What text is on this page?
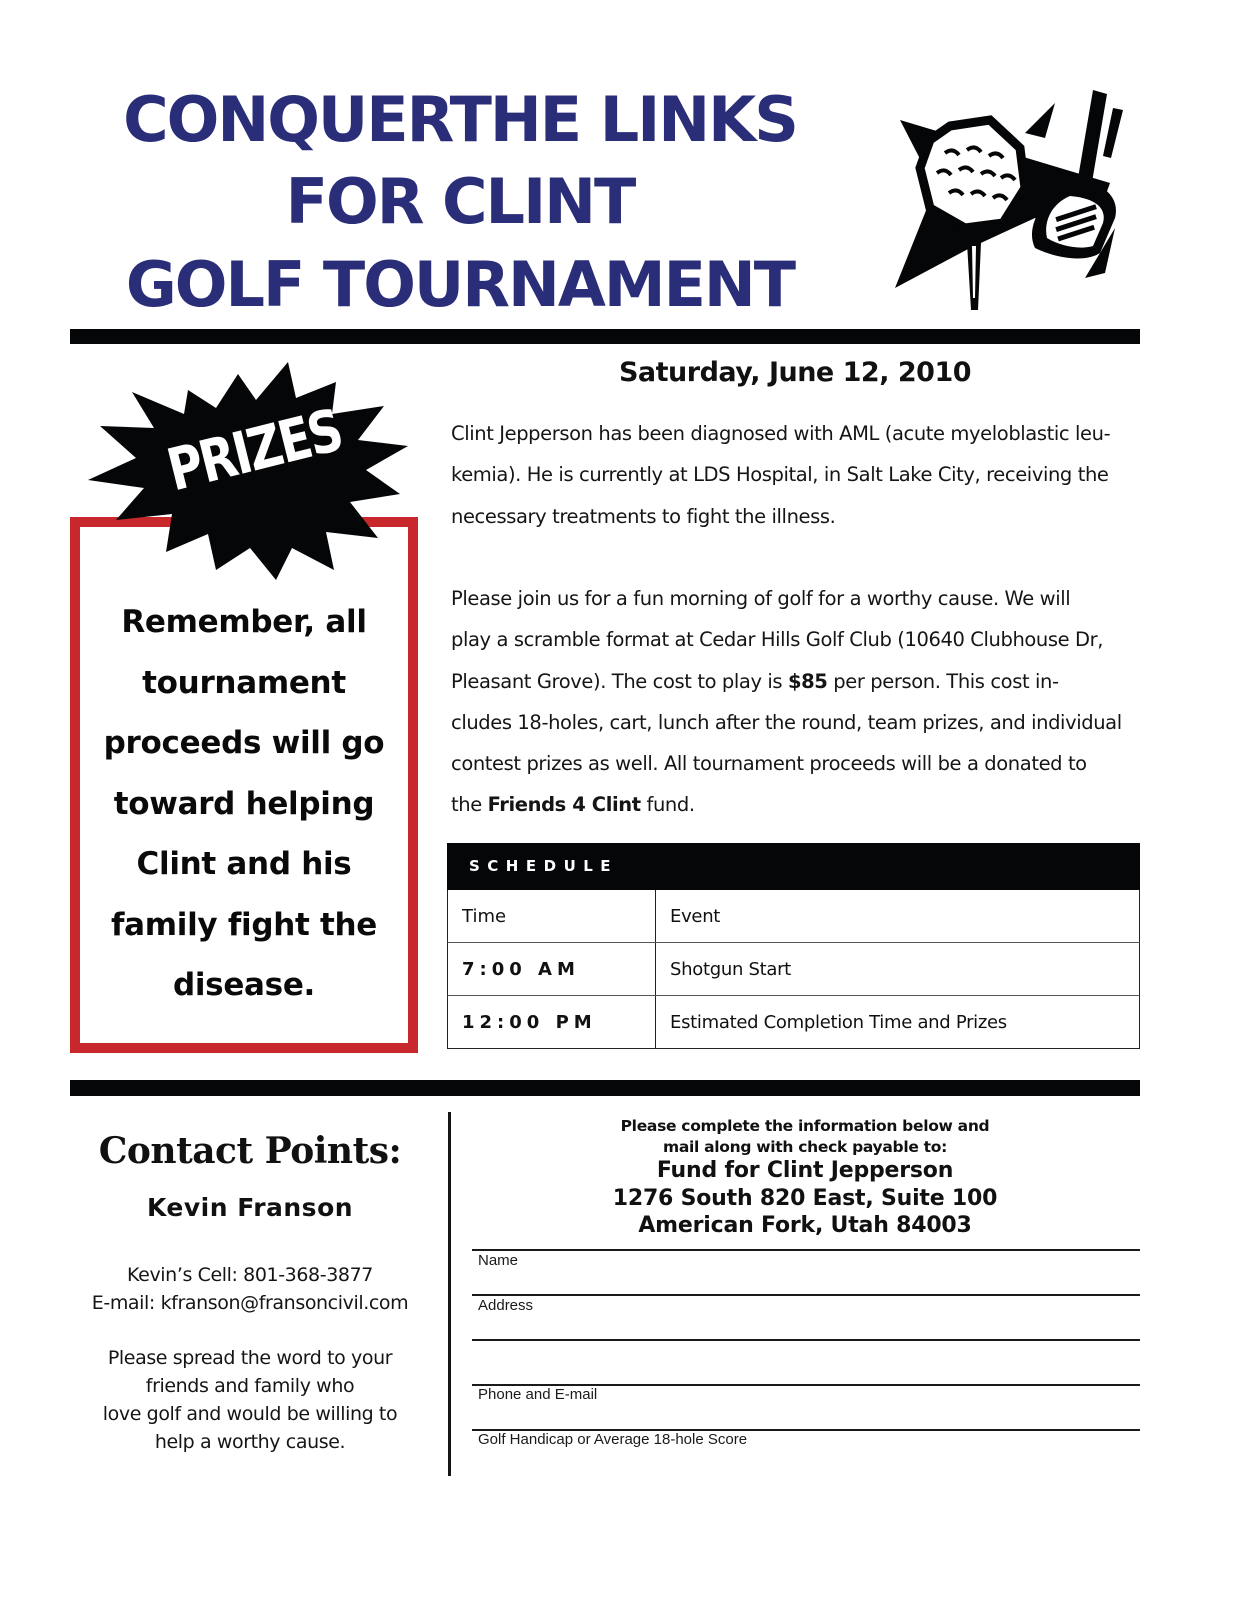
CONQUERTHE LINKS
FOR CLINT
GOLF TOURNAMENT
Remember, all
tournament
proceeds will go
toward helping
Clint and his
family fight the
disease.
PRIZES
Saturday, June 12, 2010
Clint Jepperson has been diagnosed with AML (acute myeloblastic leu-
kemia). He is currently at LDS Hospital, in Salt Lake City, receiving the
necessary treatments to fight the illness.
Please join us for a fun morning of golf for a worthy cause. We will
play a scramble format at Cedar Hills Golf Club (10640 Clubhouse Dr,
Pleasant Grove). The cost to play is $85 per person. This cost in-
cludes 18-holes, cart, lunch after the round, team prizes, and individual
contest prizes as well. All tournament proceeds will be a donated to
the Friends 4 Clint fund.
SCHEDULE
Time	Event
7:00 AM	Shotgun Start
12:00 PM	Estimated Completion Time and Prizes
Contact Points:
Kevin Franson
Kevin’s Cell: 801-368-3877
E-mail: kfranson@fransoncivil.com
Please spread the word to your
friends and family who
love golf and would be willing to
help a worthy cause.
Please complete the information below and
mail along with check payable to:
Fund for Clint Jepperson
1276 South 820 East, Suite 100
American Fork, Utah 84003
Name
Address
Phone and E-mail
Golf Handicap or Average 18-hole Score
